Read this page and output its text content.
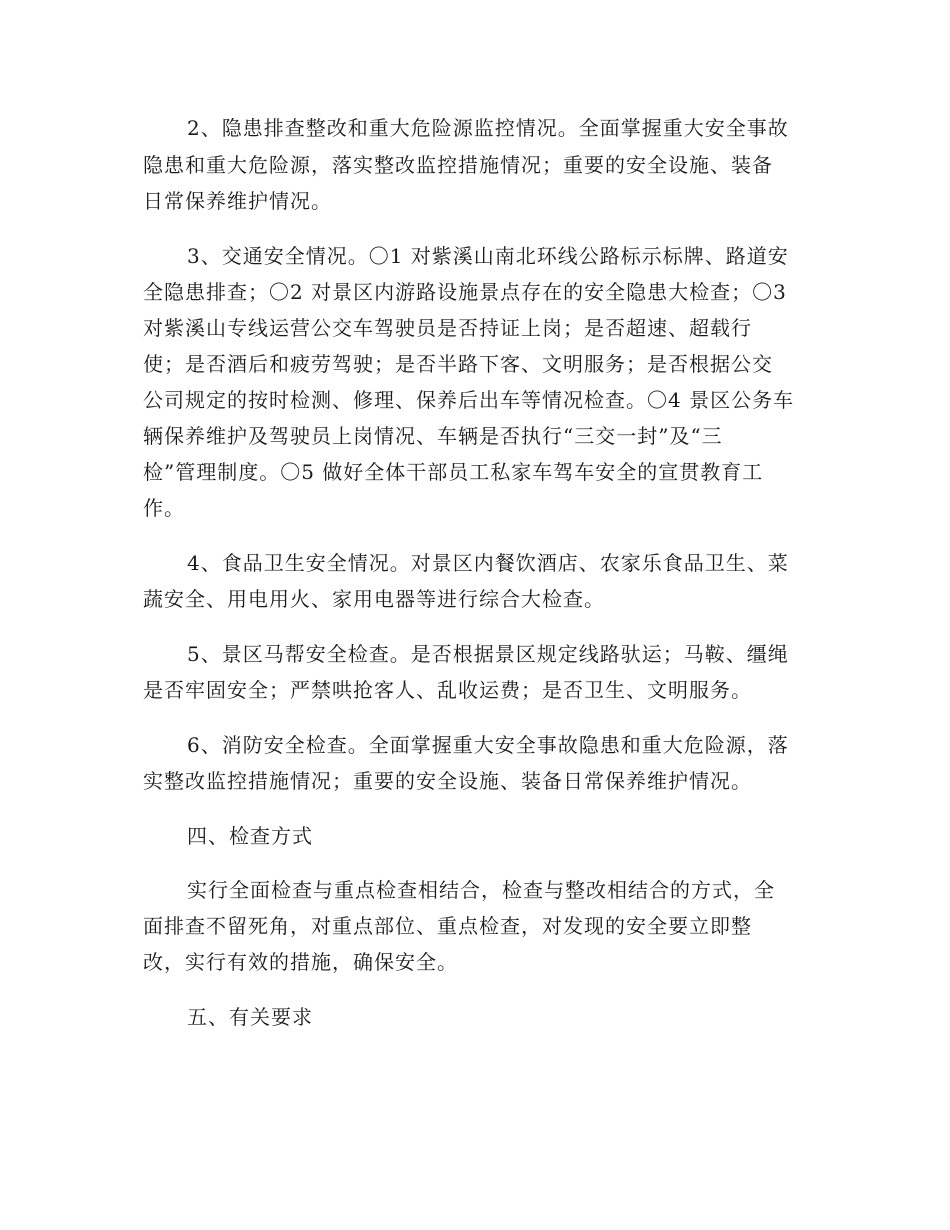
2、隐患排查整改和重大危险源监控情况。全面掌握重大安全事故
隐患和重大危险源，落实整改监控措施情况；重要的安全设施、装备
日常保养维护情况。
3、交通安全情况。〇1 对紫溪山南北环线公路标示标牌、路道安
全隐患排查；〇2 对景区内游路设施景点存在的安全隐患大检查；〇3
对紫溪山专线运营公交车驾驶员是否持证上岗；是否超速、超载行
使；是否酒后和疲劳驾驶；是否半路下客、文明服务；是否根据公交
公司规定的按时检测、修理、保养后出车等情况检查。〇4 景区公务车
辆保养维护及驾驶员上岗情况、车辆是否执行“三交一封”及“三
检”管理制度。〇5 做好全体干部员工私家车驾车安全的宣贯教育工
作。
4、食品卫生安全情况。对景区内餐饮酒店、农家乐食品卫生、菜
蔬安全、用电用火、家用电器等进行综合大检查。
5、景区马帮安全检查。是否根据景区规定线路驮运；马鞍、缰绳
是否牢固安全；严禁哄抢客人、乱收运费；是否卫生、文明服务。
6、消防安全检查。全面掌握重大安全事故隐患和重大危险源，落
实整改监控措施情况；重要的安全设施、装备日常保养维护情况。
四、检查方式
实行全面检查与重点检查相结合，检查与整改相结合的方式，全
面排查不留死角，对重点部位、重点检查，对发现的安全要立即整
改，实行有效的措施，确保安全。
五、有关要求
